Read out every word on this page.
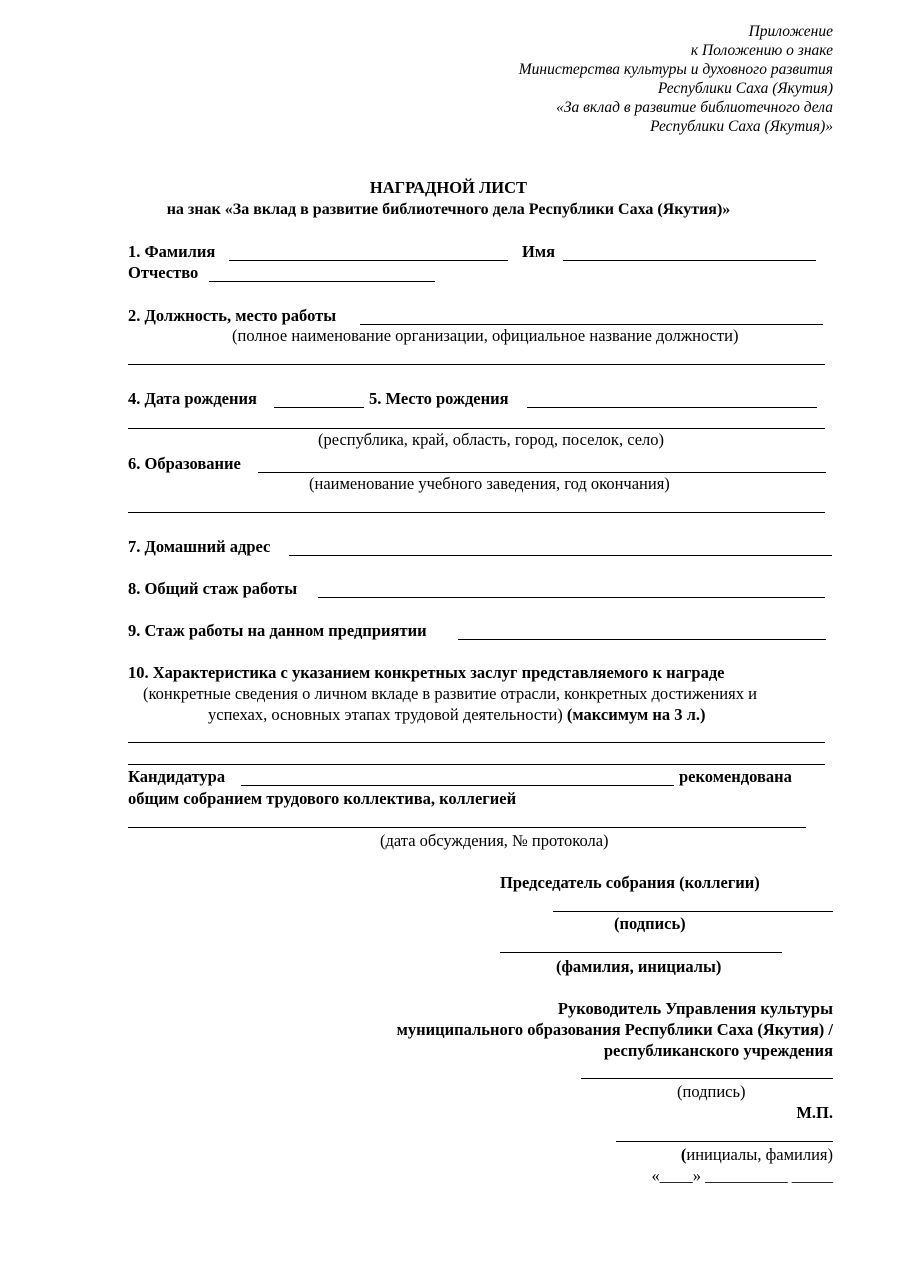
Приложение
к Положению о знаке
Министерства культуры и духовного развития
Республики Саха (Якутия)
«За вклад в развитие библиотечного дела
Республики Саха (Якутия)»
НАГРАДНОЙ ЛИСТ
на знак «За вклад в развитие библиотечного дела Республики Саха (Якутия)»
1. Фамилия	Имя
Отчество
2. Должность, место работы
(полное наименование организации, официальное название должности)
4. Дата рождения	5. Место рождения
(республика, край, область, город, поселок, село)
6. Образование
(наименование учебного заведения, год окончания)
7. Домашний адрес
8. Общий стаж работы
9. Стаж работы на данном предприятии
10. Характеристика с указанием конкретных заслуг представляемого к награде
(конкретные сведения о личном вкладе в развитие отрасли, конкретных достижениях и
успехах, основных этапах трудовой деятельности) (максимум на 3 л.)
Кандидатура	рекомендована
общим собранием трудового коллектива, коллегией
(дата обсуждения, № протокола)
Председатель собрания (коллегии)
(подпись)
(фамилия, инициалы)
Руководитель Управления культуры
муниципального образования Республики Саха (Якутия) /
республиканского учреждения
(подпись)
М.П.
(инициалы, фамилия)
«____» __________ _____
